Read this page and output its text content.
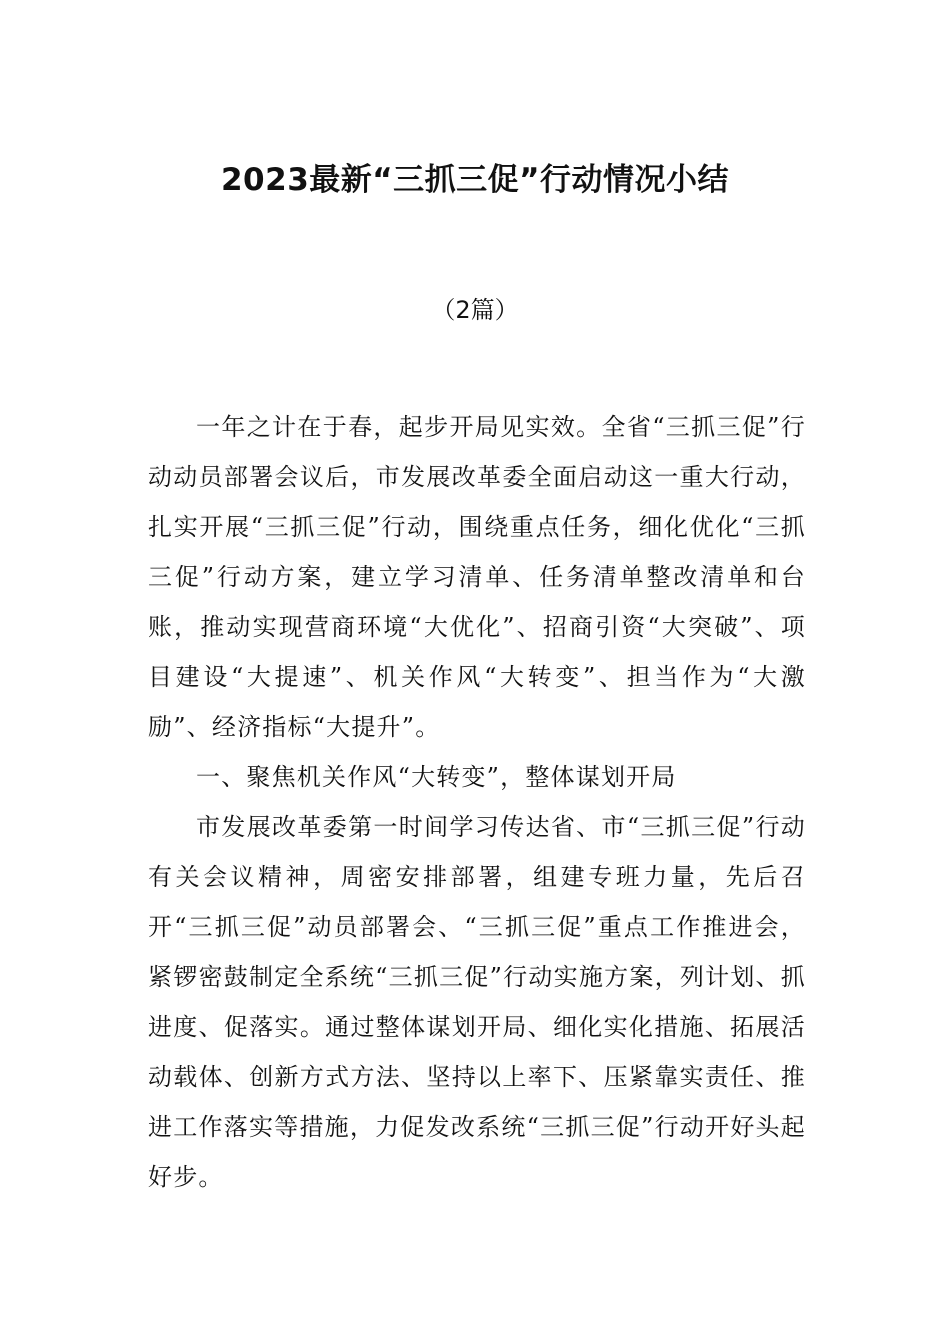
2023最新“三抓三促”行动情况小结
（2篇）

一年之计在于春，起步开局见实效。全省“三抓三促”行动动员部署会议后，市发展改革委全面启动这一重大行动，扎实开展“三抓三促”行动，围绕重点任务，细化优化“三抓三促”行动方案，建立学习清单、任务清单整改清单和台账，推动实现营商环境“大优化”、招商引资“大突破”、项目建设“大提速”、机关作风“大转变”、担当作为“大激励”、经济指标“大提升”。

一、聚焦机关作风“大转变”，整体谋划开局

市发展改革委第一时间学习传达省、市“三抓三促”行动有关会议精神，周密安排部署，组建专班力量，先后召开“三抓三促”动员部署会、“三抓三促”重点工作推进会，紧锣密鼓制定全系统“三抓三促”行动实施方案，列计划、抓进度、促落实。通过整体谋划开局、细化实化措施、拓展活动载体、创新方式方法、坚持以上率下、压紧靠实责任、推进工作落实等措施，力促发改系统“三抓三促”行动开好头起好步。
